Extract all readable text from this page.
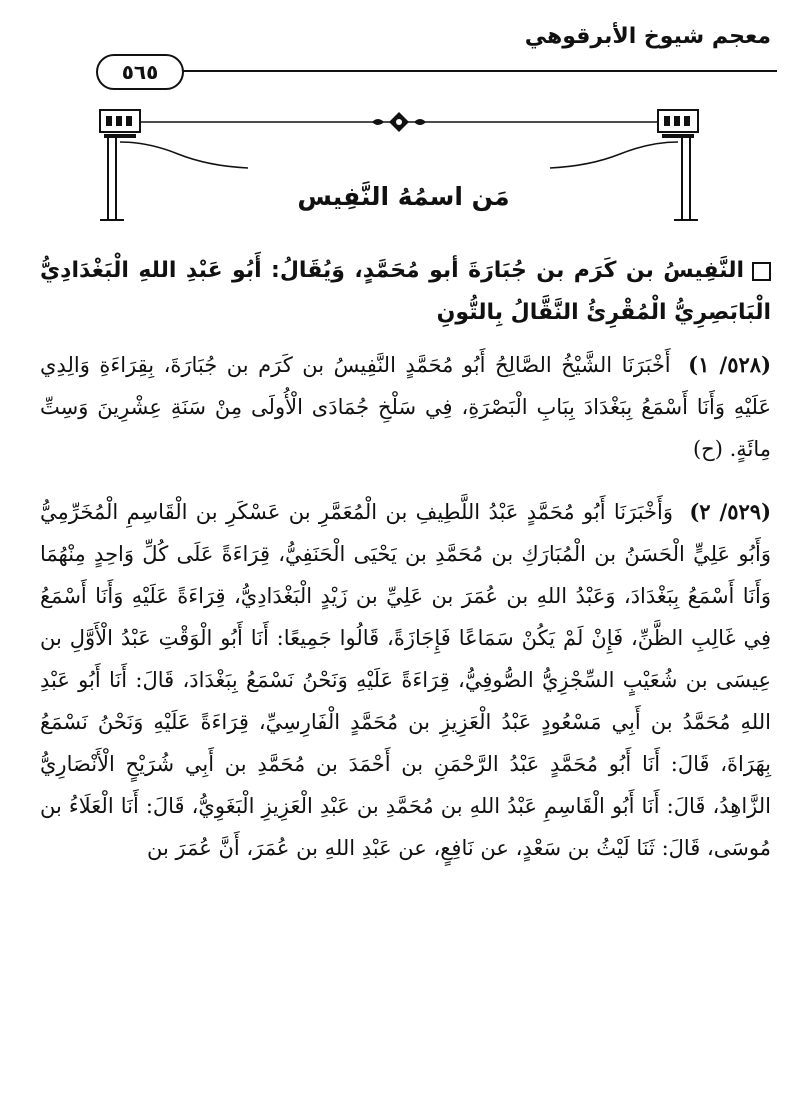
معجم شيوخ الأبرقوهي
٥٦٥
مَن اسمُهُ النَّفِيس
النَّفِيسُ بن كَرَم بن جُبَارَةَ أبو مُحَمَّدٍ، وَيُقَالُ: أَبُو عَبْدِ اللهِ الْبَغْدَادِيُّ الْبَابَصِرِيُّ الْمُقْرِئُ النَّقَّالُ بِالتُّونِ

(٥٢٨/ ١) أَخْبَرَنَا الشَّيْخُ الصَّالِحُ أَبُو مُحَمَّدٍ النَّفِيسُ بن كَرَم بن جُبَارَةَ، بِقِرَاءَةِ وَالِدِي عَلَيْهِ وَأَنَا أَسْمَعُ بِبَغْدَادَ بِبَابِ الْبَصْرَةِ، فِي سَلْخِ جُمَادَى الْأُولَى مِنْ سَنَةِ عِشْرِينَ وَسِتِّ مِائَةٍ. (ح)

(٥٢٩/ ٢) وَأَخْبَرَنَا أَبُو مُحَمَّدٍ عَبْدُ اللَّطِيفِ بن الْمُعَمَّرِ بن عَسْكَرِ بن الْقَاسِمِ الْمُخَرِّمِيُّ وَأَبُو عَلِيٍّ الْحَسَنُ بن الْمُبَارَكِ بن مُحَمَّدِ بن يَحْيَى الْحَنَفِيُّ، قِرَاءَةً عَلَى كُلِّ وَاحِدٍ مِنْهُمَا وَأَنَا أَسْمَعُ بِبَغْدَادَ، وَعَبْدُ اللهِ بن عُمَرَ بن عَلِيِّ بن زَيْدٍ الْبَغْدَادِيُّ، قِرَاءَةً عَلَيْهِ وَأَنَا أَسْمَعُ فِي غَالِبِ الظَّنِّ، فَإِنْ لَمْ يَكُنْ سَمَاعًا فَإِجَازَةً، قَالُوا جَمِيعًا: أَنَا أَبُو الْوَقْتِ عَبْدُ الْأَوَّلِ بن عِيسَى بن شُعَيْبٍ السِّجْزِيُّ الصُّوفِيُّ، قِرَاءَةً عَلَيْهِ وَنَحْنُ نَسْمَعُ بِبَغْدَادَ، قَالَ: أَنَا أَبُو عَبْدِ اللهِ مُحَمَّدُ بن أَبِي مَسْعُودٍ عَبْدُ الْعَزِيزِ بن مُحَمَّدٍ الْفَارِسِيِّ، قِرَاءَةً عَلَيْهِ وَنَحْنُ نَسْمَعُ بِهَرَاةَ، قَالَ: أَنَا أَبُو مُحَمَّدٍ عَبْدُ الرَّحْمَنِ بن أَحْمَدَ بن مُحَمَّدِ بن أَبِي شُرَيْحٍ الْأَنْصَارِيُّ الزَّاهِدُ، قَالَ: أَنَا أَبُو الْقَاسِمِ عَبْدُ اللهِ بن مُحَمَّدِ بن عَبْدِ الْعَزِيزِ الْبَغَوِيُّ، قَالَ: أَنَا الْعَلَاءُ بن مُوسَى، قَالَ: ثَنَا لَيْثُ بن سَعْدٍ، عن نَافِعٍ، عن عَبْدِ اللهِ بن عُمَرَ، أَنَّ عُمَرَ بن
